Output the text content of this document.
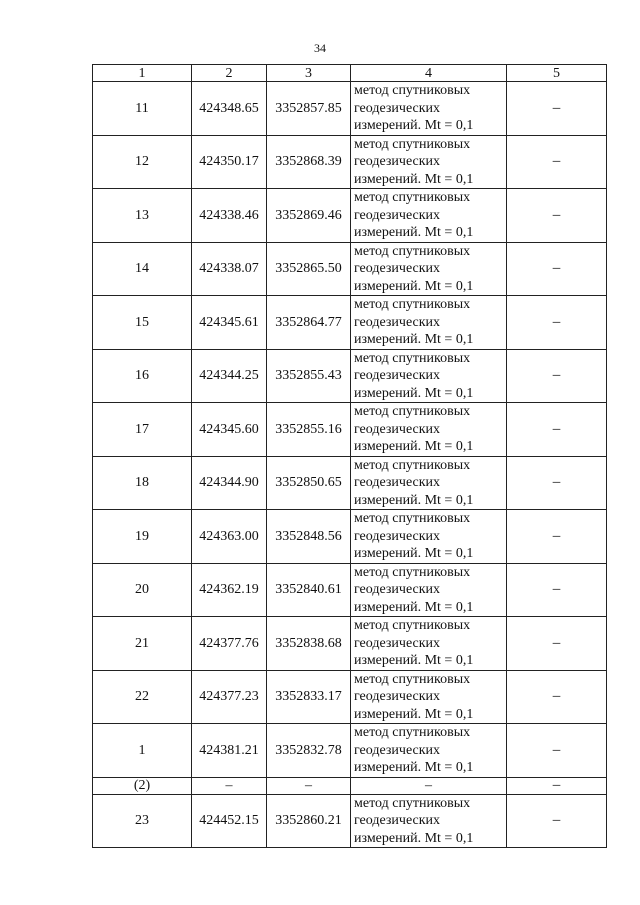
34
1	2	3	4	5
11	424348.65	3352857.85	метод спутниковых
геодезических
измерений. Mt = 0,1	–
12	424350.17	3352868.39	метод спутниковых
геодезических
измерений. Mt = 0,1	–
13	424338.46	3352869.46	метод спутниковых
геодезических
измерений. Mt = 0,1	–
14	424338.07	3352865.50	метод спутниковых
геодезических
измерений. Mt = 0,1	–
15	424345.61	3352864.77	метод спутниковых
геодезических
измерений. Mt = 0,1	–
16	424344.25	3352855.43	метод спутниковых
геодезических
измерений. Mt = 0,1	–
17	424345.60	3352855.16	метод спутниковых
геодезических
измерений. Mt = 0,1	–
18	424344.90	3352850.65	метод спутниковых
геодезических
измерений. Mt = 0,1	–
19	424363.00	3352848.56	метод спутниковых
геодезических
измерений. Mt = 0,1	–
20	424362.19	3352840.61	метод спутниковых
геодезических
измерений. Mt = 0,1	–
21	424377.76	3352838.68	метод спутниковых
геодезических
измерений. Mt = 0,1	–
22	424377.23	3352833.17	метод спутниковых
геодезических
измерений. Mt = 0,1	–
1	424381.21	3352832.78	метод спутниковых
геодезических
измерений. Mt = 0,1	–
(2)	–	–	–	–
23	424452.15	3352860.21	метод спутниковых
геодезических
измерений. Mt = 0,1	–
